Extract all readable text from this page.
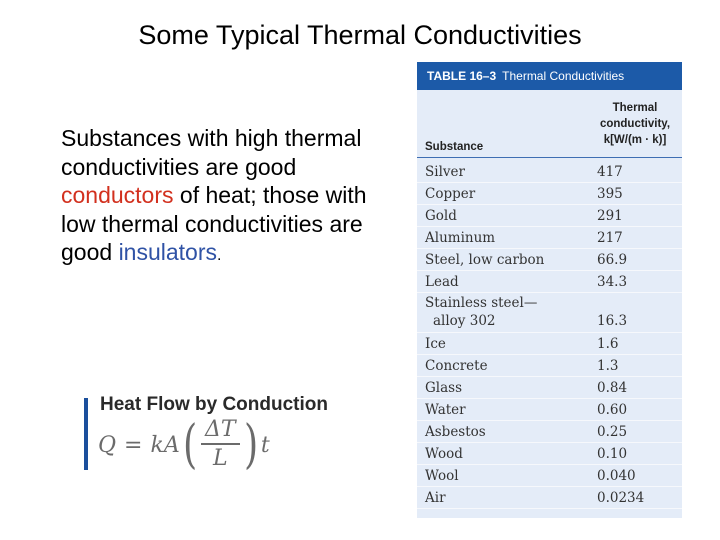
Some Typical Thermal Conductivities
Substances with high thermal conductivities are good conductors of heat; those with low thermal conductivities are good insulators.
Heat Flow by Conduction
Q = kA ( $\frac{\Delta T}{L}$ ) t
TABLE 16–3 Thermal Conductivities
Substance
Thermal
conductivity,
k[W/(m · k)]
Silver	417
Copper	395
Gold	291
Aluminum	217
Steel, low carbon	66.9
Lead	34.3
Stainless steel—
alloy 302	16.3
Ice	1.6
Concrete	1.3
Glass	0.84
Water	0.60
Asbestos	0.25
Wood	0.10
Wool	0.040
Air	0.0234
